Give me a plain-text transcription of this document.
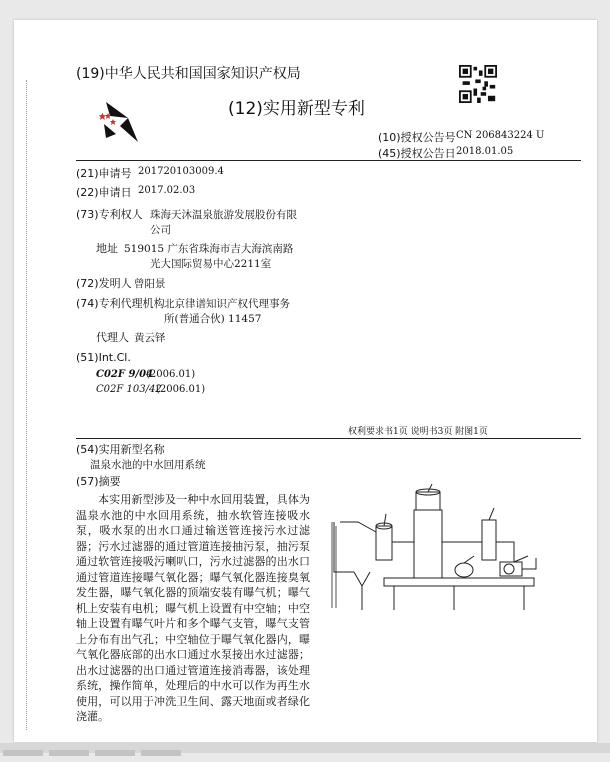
(19)中华人民共和国国家知识产权局
(12)实用新型专利
(10)授权公告号 CN 206843224 U
(45)授权公告日 2018.01.05
(21)申请号 201720103009.4
(22)申请日 2017.02.03
(73)专利权人 珠海天沐温泉旅游发展股份有限
公司
地址 519015 广东省珠海市吉大海滨南路
光大国际贸易中心2211室
(72)发明人 曾阳景
(74)专利代理机构 北京律谱知识产权代理事务
所(普通合伙) 11457
代理人 黄云铎
(51)Int.Cl.
C02F 9/04
(2006.01)
C02F 103/42
(2006.01)
权利要求书1页 说明书3页 附图1页
(54)实用新型名称
温泉水池的中水回用系统
(57)摘要
本实用新型涉及一种中水回用装置，具体为温泉水池的中水回用系统，抽水软管连接吸水泵，吸水泵的出水口通过输送管连接污水过滤器；污水过滤器的通过管道连接抽污泵，抽污泵通过软管连接吸污喇叭口，污水过滤器的出水口通过管道连接曝气氧化器；曝气氧化器连接臭氧发生器，曝气氧化器的顶端安装有曝气机；曝气机上安装有电机；曝气机上设置有中空轴；中空轴上设置有曝气叶片和多个曝气支管，曝气支管上分布有出气孔；中空轴位于曝气氧化器内，曝气氧化器底部的出水口通过水泵接出水过滤器；出水过滤器的出口通过管道连接消毒器，该处理系统，操作简单，处理后的中水可以作为再生水使用，可以用于冲洗卫生间、露天地面或者绿化浇灌。
